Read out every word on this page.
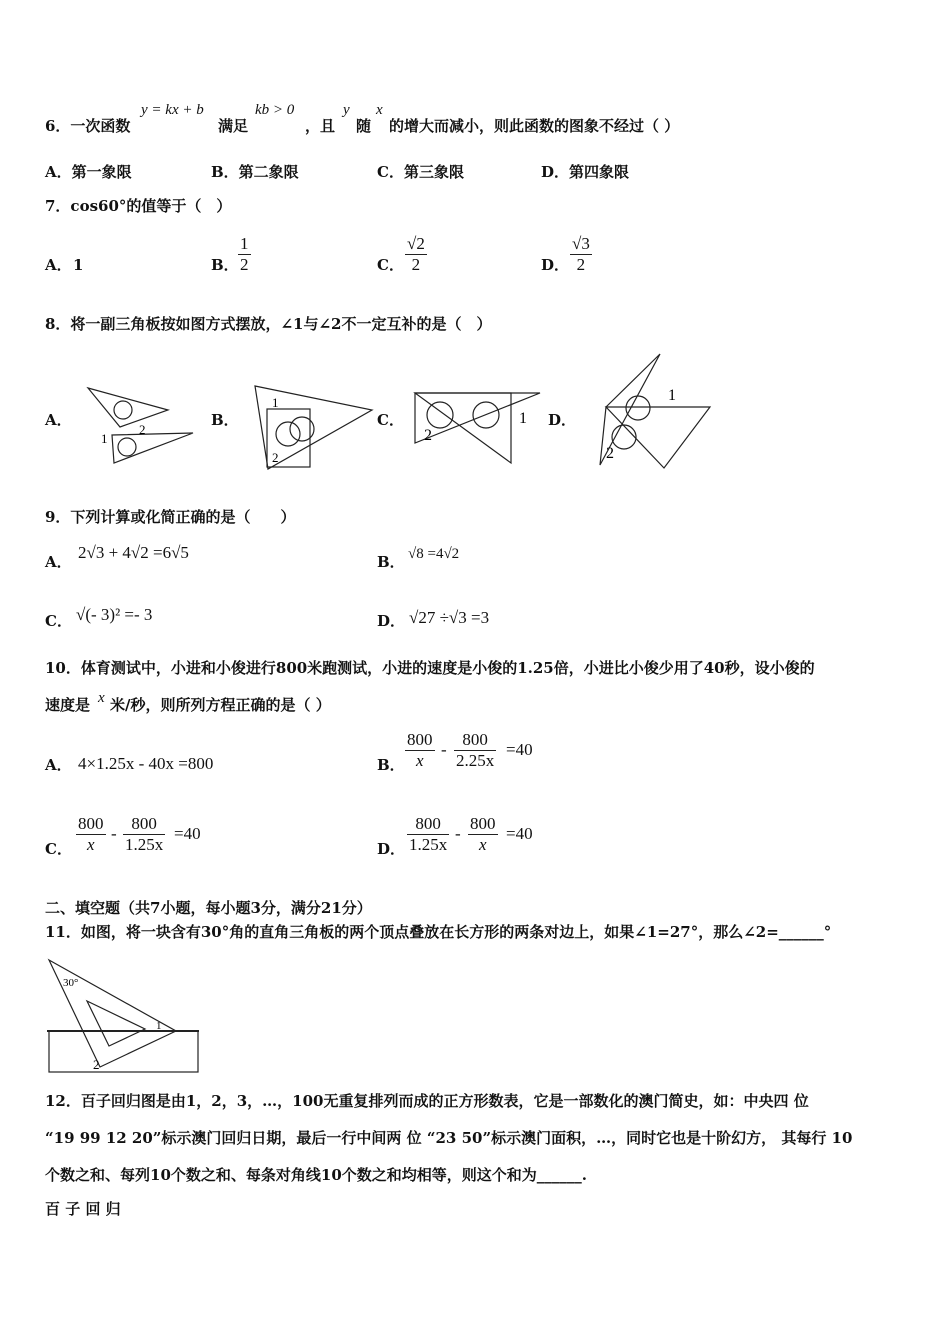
6．一次函数
y = kx + b
满足
kb > 0
，且
y
随
x
的增大而减小，则此函数的图象不经过（ ）
A．第一象限	B．第二象限	C．第三象限	D．第四象限
7．cos60°的值等于（　）
A． 1	B． $\frac{1}{2}$	C． $\frac{√2}{2}$	D． $\frac{√3}{2}$
8．将一副三角板按如图方式摆放，∠1与∠2不一定互补的是（　）
A．
1
2
B．
1
2
C．	1
2
D．
1
2
9．下列计算或化简正确的是（　　）
A． 2√3 + 4√2 =6√5	B． √8 =4√2
C． √(- 3)² =- 3	D． √27 ÷√3 =3
10．体育测试中，小进和小俊进行800米跑测试，小进的速度是小俊的1.25倍，小进比小俊少用了40秒，设小俊的
速度是 x 米/秒，则所列方程正确的是（ ）
A． 4×1.25x - 40x =800	B． $\frac{800}{x} - \frac{800}{2.25x} =40$
C． $\frac{800}{x} - \frac{800}{1.25x} =40$
D． $\frac{800}{1.25x} - \frac{800}{x} =40$
二、填空题（共7小题，每小题3分，满分21分）
11．如图，将一块含有30°角的直角三角板的两个顶点叠放在长方形的两条对边上，如果∠1=27°，那么∠2=______°
30°
1
2
12．百子回归图是由1，2，3，…，100无重复排列而成的正方形数表，它是一部数化的澳门简史，如：中央四 位
“19 99 12 20”标示澳门回归日期，最后一行中间两 位 “23 50”标示澳门面积，…，同时它也是十阶幻方， 其每行 10
个数之和、每列10个数之和、每条对角线10个数之和均相等，则这个和为______.
百 子 回 归
